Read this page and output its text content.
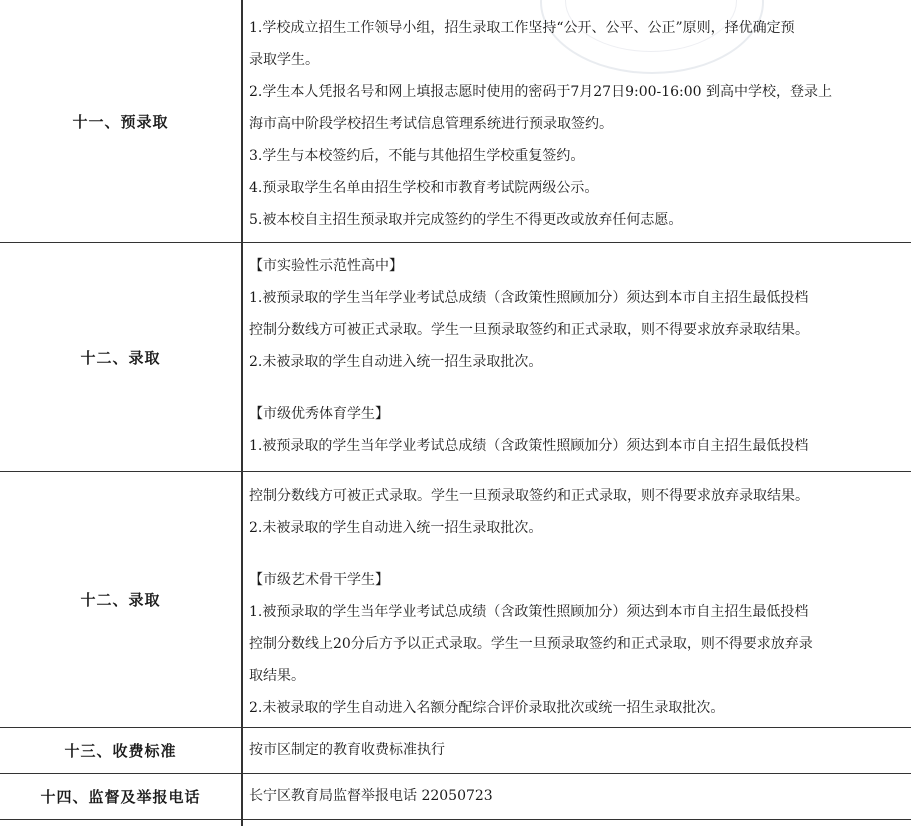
十一、预录取

1.学校成立招生工作领导小组，招生录取工作坚持“公开、公平、公正”原则，择优确定预

录取学生。

2.学生本人凭报名号和网上填报志愿时使用的密码于7月27日9:00-16:00 到高中学校，登录上

海市高中阶段学校招生考试信息管理系统进行预录取签约。

3.学生与本校签约后，不能与其他招生学校重复签约。

4.预录取学生名单由招生学校和市教育考试院两级公示。

5.被本校自主招生预录取并完成签约的学生不得更改或放弃任何志愿。

十二、录取

【市实验性示范性高中】

1.被预录取的学生当年学业考试总成绩（含政策性照顾加分）须达到本市自主招生最低投档

控制分数线方可被正式录取。学生一旦预录取签约和正式录取，则不得要求放弃录取结果。

2.未被录取的学生自动进入统一招生录取批次。

【市级优秀体育学生】

1.被预录取的学生当年学业考试总成绩（含政策性照顾加分）须达到本市自主招生最低投档

十二、录取

控制分数线方可被正式录取。学生一旦预录取签约和正式录取，则不得要求放弃录取结果。

2.未被录取的学生自动进入统一招生录取批次。

【市级艺术骨干学生】

1.被预录取的学生当年学业考试总成绩（含政策性照顾加分）须达到本市自主招生最低投档

控制分数线上20分后方予以正式录取。学生一旦预录取签约和正式录取，则不得要求放弃录

取结果。

2.未被录取的学生自动进入名额分配综合评价录取批次或统一招生录取批次。

十三、收费标准	按市区制定的教育收费标准执行

十四、监督及举报电话	长宁区教育局监督举报电话 22050723
